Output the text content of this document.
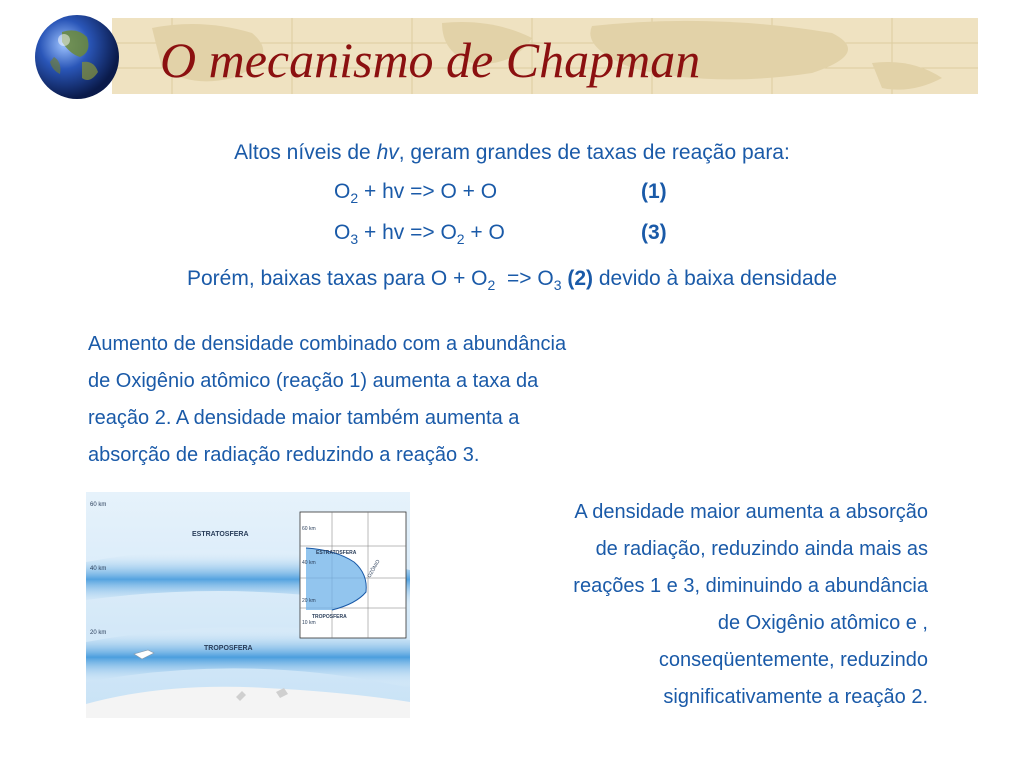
O mecanismo de Chapman
Altos níveis de hv, geram grandes de taxas de reação para:
$O_2$ + hv => O + O	(1)
$O_3$ + hv => $O_2 + O$	(3)
Porém, baixas taxas para $O + O_2 => O_3$ (2) devido à baixa densidade
Aumento de densidade combinado com a abundância
de Oxigênio atômico (reação 1) aumenta a taxa da
reação 2. A densidade maior também aumenta a
absorção de radiação reduzindo a reação 3.
60 km
40 km
20 km
ESTRATOSFERA
TROPOSFERA
60 km
40 km
20 km
10 km
ESTRATOSFERA
TROPOSFERA
OZÔNIO
A densidade maior aumenta a absorção
de radiação, reduzindo ainda mais as
reações 1 e 3, diminuindo a abundância
de Oxigênio atômico e ,
conseqüentemente, reduzindo
significativamente a reação 2.
